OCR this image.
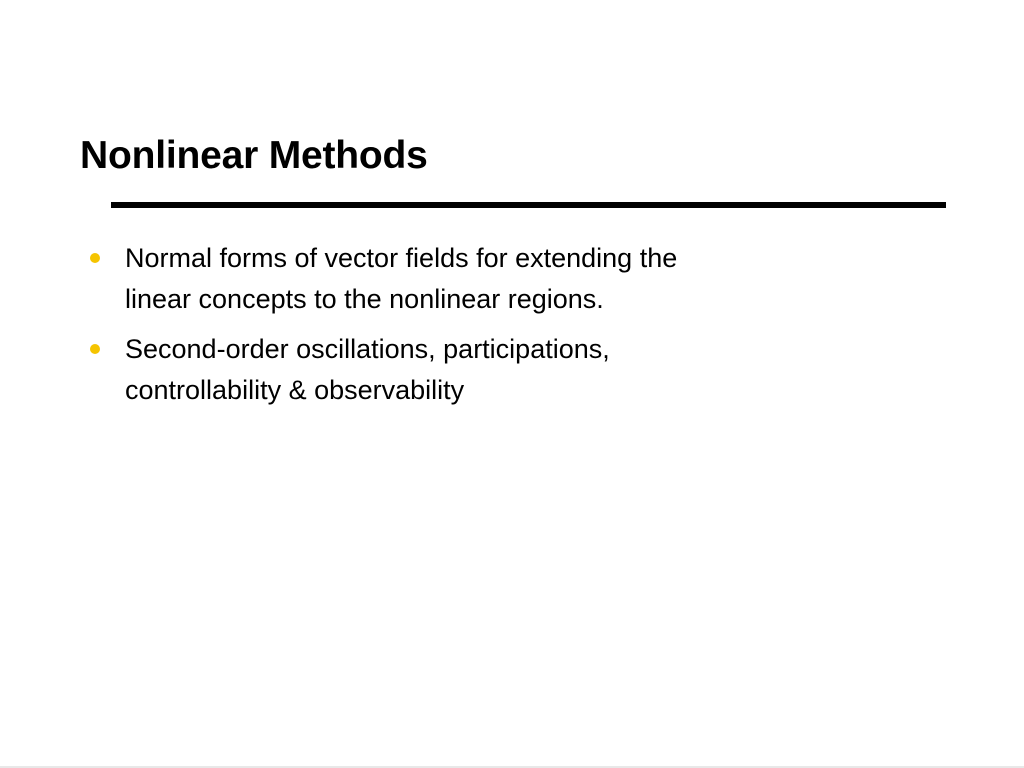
Nonlinear Methods
Normal forms of vector fields for extending the
linear concepts to the nonlinear regions.
Second-order oscillations, participations,
controllability & observability
